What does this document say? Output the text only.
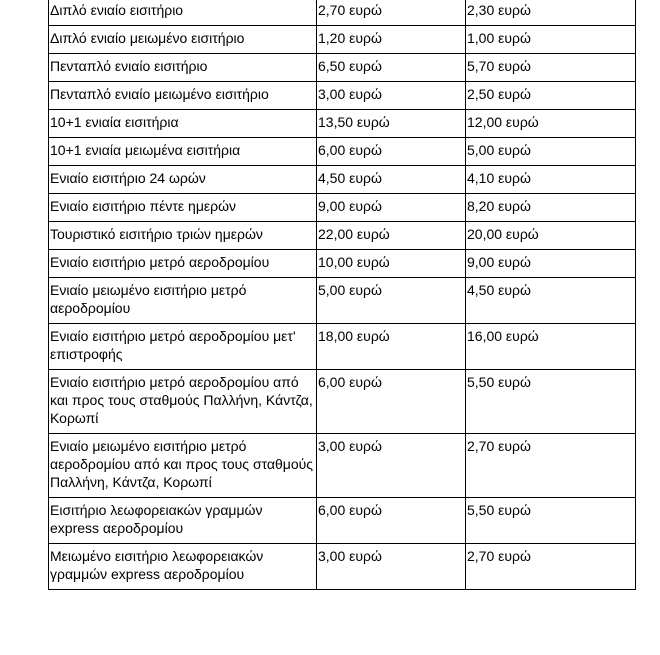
Διπλό ενιαίο εισιτήριο	2,70 ευρώ	2,30 ευρώ
Διπλό ενιαίο μειωμένο εισιτήριο	1,20 ευρώ	1,00 ευρώ
Πενταπλό ενιαίο εισιτήριο	6,50 ευρώ	5,70 ευρώ
Πενταπλό ενιαίο μειωμένο εισιτήριο	3,00 ευρώ	2,50 ευρώ
10+1 ενιαία εισιτήρια	13,50 ευρώ	12,00 ευρώ
10+1 ενιαία μειωμένα εισιτήρια	6,00 ευρώ	5,00 ευρώ
Ενιαίο εισιτήριο 24 ωρών	4,50 ευρώ	4,10 ευρώ
Ενιαίο εισιτήριο πέντε ημερών	9,00 ευρώ	8,20 ευρώ
Τουριστικό εισιτήριο τριών ημερών	22,00 ευρώ	20,00 ευρώ
Ενιαίο εισιτήριο μετρό αεροδρομίου	10,00 ευρώ	9,00 ευρώ
Ενιαίο μειωμένο εισιτήριο μετρό αεροδρομίου	5,00 ευρώ	4,50 ευρώ
Ενιαίο εισιτήριο μετρό αεροδρομίου μετ' επιστροφής	18,00 ευρώ	16,00 ευρώ
Ενιαίο εισιτήριο μετρό αεροδρομίου από και προς τους σταθμούς Παλλήνη, Κάντζα, Κορωπί	6,00 ευρώ	5,50 ευρώ
Ενιαίο μειωμένο εισιτήριο μετρό αεροδρομίου από και προς τους σταθμούς Παλλήνη, Κάντζα, Κορωπί	3,00 ευρώ	2,70 ευρώ
Εισιτήριο λεωφορειακών γραμμών express αεροδρομίου	6,00 ευρώ	5,50 ευρώ
Μειωμένο εισιτήριο λεωφορειακών γραμμών express αεροδρομίου	3,00 ευρώ	2,70 ευρώ
